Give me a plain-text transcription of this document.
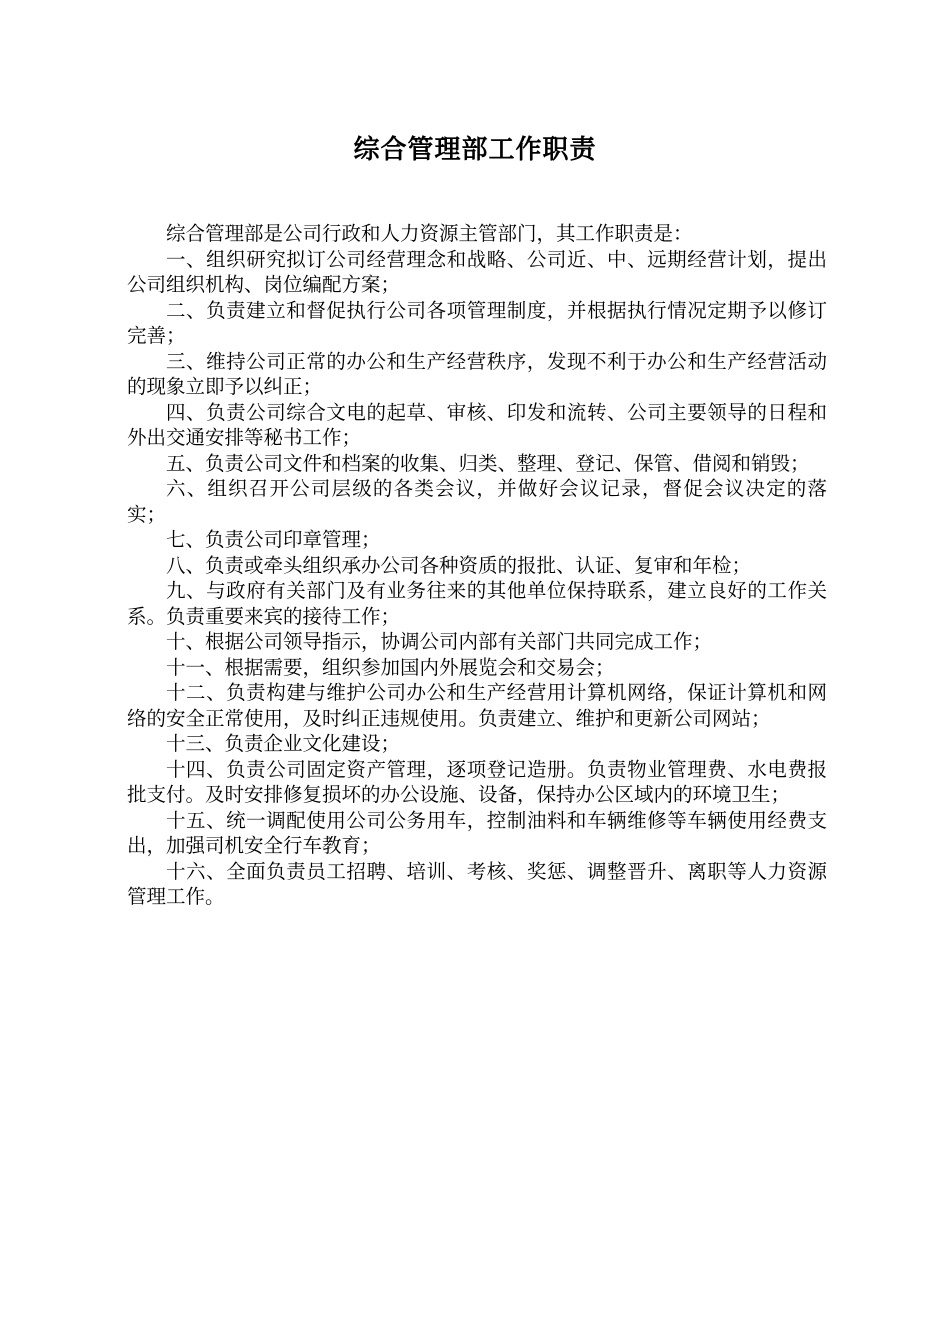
综合管理部工作职责

综合管理部是公司行政和人力资源主管部门，其工作职责是：

一、组织研究拟订公司经营理念和战略、公司近、中、远期经营计划，提出公司组织机构、岗位编配方案；

二、负责建立和督促执行公司各项管理制度，并根据执行情况定期予以修订完善；

三、维持公司正常的办公和生产经营秩序，发现不利于办公和生产经营活动的现象立即予以纠正；

四、负责公司综合文电的起草、审核、印发和流转、公司主要领导的日程和外出交通安排等秘书工作；

五、负责公司文件和档案的收集、归类、整理、登记、保管、借阅和销毁；

六、组织召开公司层级的各类会议，并做好会议记录，督促会议决定的落实；

七、负责公司印章管理；

八、负责或牵头组织承办公司各种资质的报批、认证、复审和年检；

九、与政府有关部门及有业务往来的其他单位保持联系，建立良好的工作关系。负责重要来宾的接待工作；

十、根据公司领导指示，协调公司内部有关部门共同完成工作；

十一、根据需要，组织参加国内外展览会和交易会；

十二、负责构建与维护公司办公和生产经营用计算机网络，保证计算机和网络的安全正常使用，及时纠正违规使用。负责建立、维护和更新公司网站；

十三、负责企业文化建设；

十四、负责公司固定资产管理，逐项登记造册。负责物业管理费、水电费报批支付。及时安排修复损坏的办公设施、设备，保持办公区域内的环境卫生；

十五、统一调配使用公司公务用车，控制油料和车辆维修等车辆使用经费支出，加强司机安全行车教育；

十六、全面负责员工招聘、培训、考核、奖惩、调整晋升、离职等人力资源管理工作。
